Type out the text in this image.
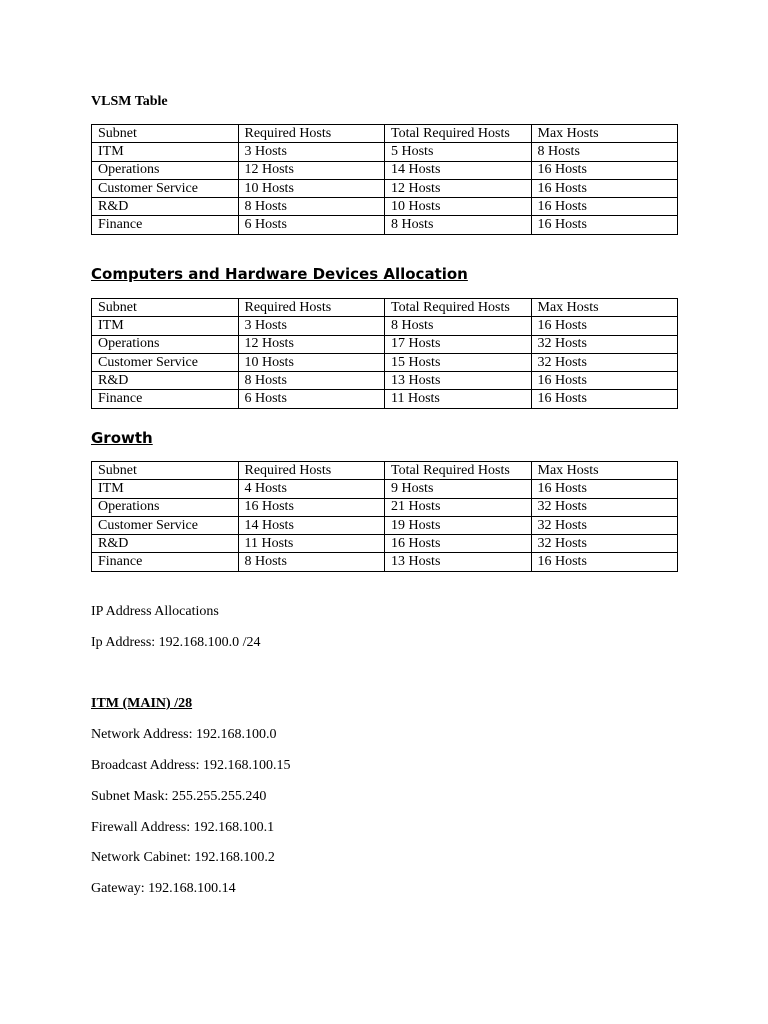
VLSM Table

Subnet	Required Hosts	Total Required Hosts	Max Hosts
ITM	3 Hosts	5 Hosts	8 Hosts
Operations	12 Hosts	14 Hosts	16 Hosts
Customer Service	10 Hosts	12 Hosts	16 Hosts
R&D	8 Hosts	10 Hosts	16 Hosts
Finance	6 Hosts	8 Hosts	16 Hosts

Computers and Hardware Devices Allocation

Subnet	Required Hosts	Total Required Hosts	Max Hosts
ITM	3 Hosts	8 Hosts	16 Hosts
Operations	12 Hosts	17 Hosts	32 Hosts
Customer Service	10 Hosts	15 Hosts	32 Hosts
R&D	8 Hosts	13 Hosts	16 Hosts
Finance	6 Hosts	11 Hosts	16 Hosts

Growth

Subnet	Required Hosts	Total Required Hosts	Max Hosts
ITM	4 Hosts	9 Hosts	16 Hosts
Operations	16 Hosts	21 Hosts	32 Hosts
Customer Service	14 Hosts	19 Hosts	32 Hosts
R&D	11 Hosts	16 Hosts	32 Hosts
Finance	8 Hosts	13 Hosts	16 Hosts

IP Address Allocations

Ip Address: 192.168.100.0 /24

ITM (MAIN) /28

Network Address: 192.168.100.0

Broadcast Address: 192.168.100.15

Subnet Mask: 255.255.255.240

Firewall Address: 192.168.100.1

Network Cabinet: 192.168.100.2

Gateway: 192.168.100.14
